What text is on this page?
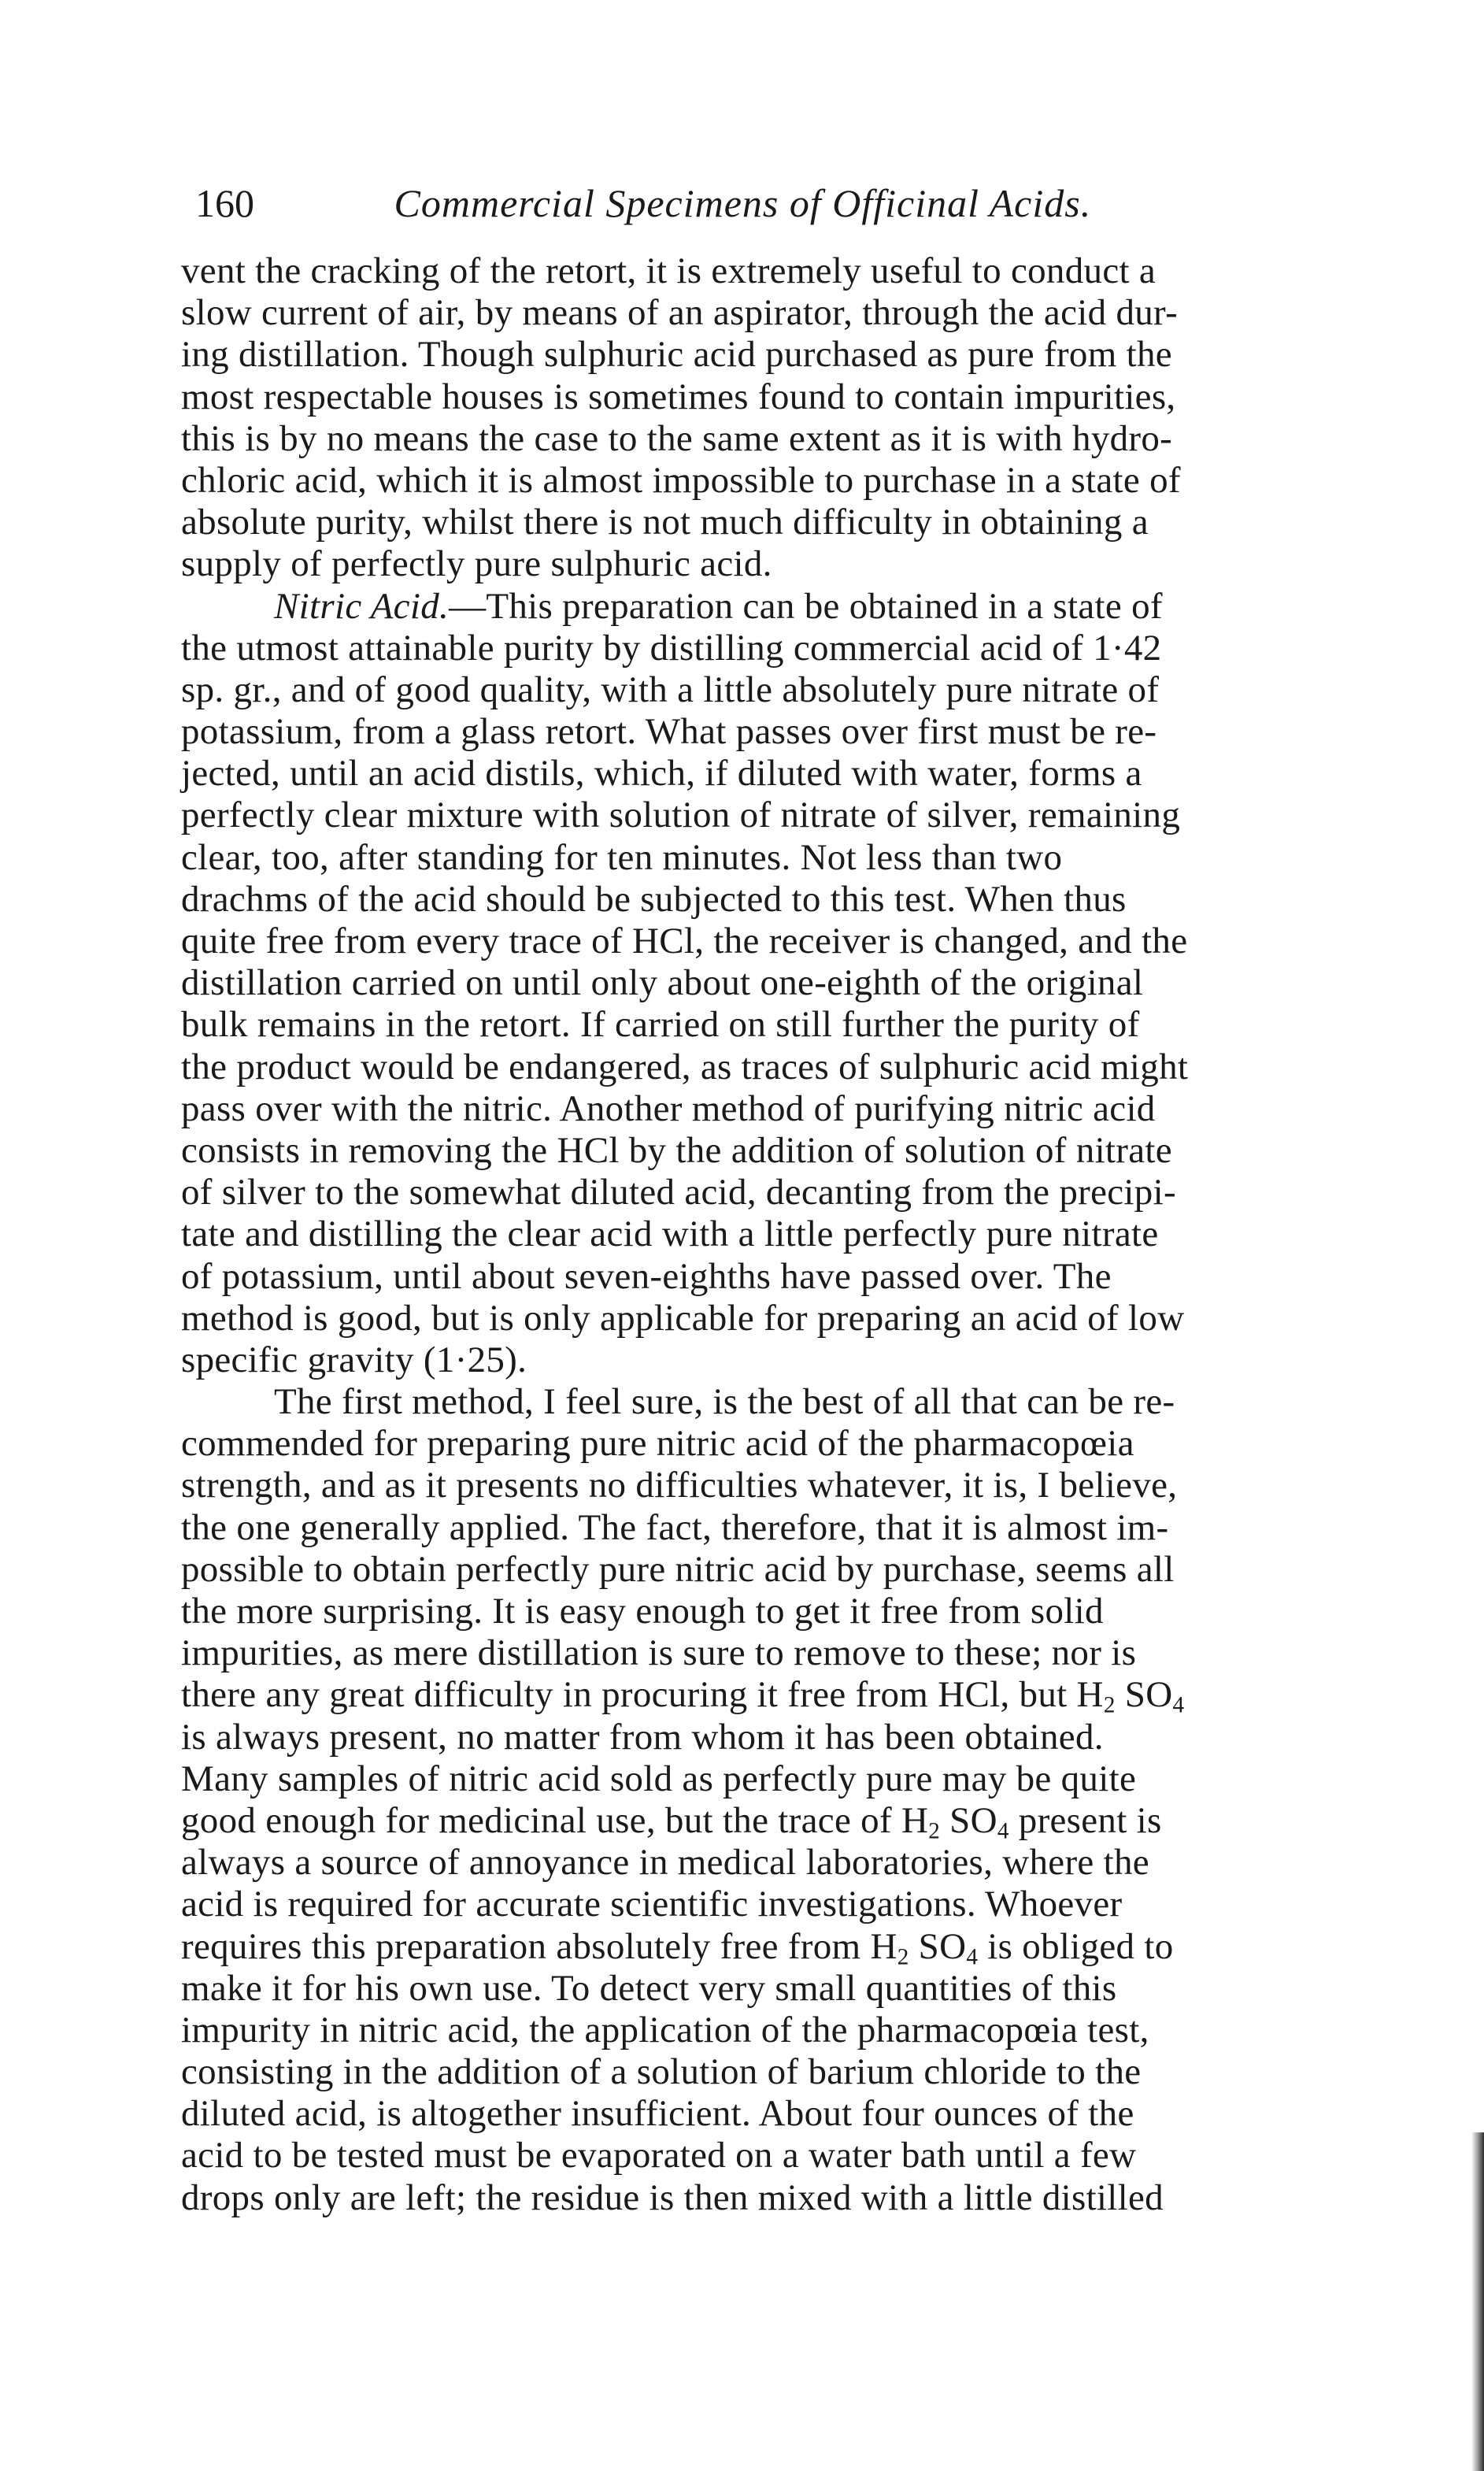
160	Commercial Specimens of Officinal Acids.
vent the cracking of the retort, it is extremely useful to conduct a
slow current of air, by means of an aspirator, through the acid dur-
ing distillation. Though sulphuric acid purchased as pure from the
most respectable houses is sometimes found to contain impurities,
this is by no means the case to the same extent as it is with hydro-
chloric acid, which it is almost impossible to purchase in a state of
absolute purity, whilst there is not much difficulty in obtaining a
supply of perfectly pure sulphuric acid.
Nitric Acid.—This preparation can be obtained in a state of
the utmost attainable purity by distilling commercial acid of 1·42
sp. gr., and of good quality, with a little absolutely pure nitrate of
potassium, from a glass retort. What passes over first must be re-
jected, until an acid distils, which, if diluted with water, forms a
perfectly clear mixture with solution of nitrate of silver, remaining
clear, too, after standing for ten minutes. Not less than two
drachms of the acid should be subjected to this test. When thus
quite free from every trace of HCl, the receiver is changed, and the
distillation carried on until only about one-eighth of the original
bulk remains in the retort. If carried on still further the purity of
the product would be endangered, as traces of sulphuric acid might
pass over with the nitric. Another method of purifying nitric acid
consists in removing the HCl by the addition of solution of nitrate
of silver to the somewhat diluted acid, decanting from the precipi-
tate and distilling the clear acid with a little perfectly pure nitrate
of potassium, until about seven-eighths have passed over. The
method is good, but is only applicable for preparing an acid of low
specific gravity (1·25).
The first method, I feel sure, is the best of all that can be re-
commended for preparing pure nitric acid of the pharmacopœia
strength, and as it presents no difficulties whatever, it is, I believe,
the one generally applied. The fact, therefore, that it is almost im-
possible to obtain perfectly pure nitric acid by purchase, seems all
the more surprising. It is easy enough to get it free from solid
impurities, as mere distillation is sure to remove to these; nor is
there any great difficulty in procuring it free from HCl, but $H_2$ $SO_4$
is always present, no matter from whom it has been obtained.
Many samples of nitric acid sold as perfectly pure may be quite
good enough for medicinal use, but the trace of $H_2$ $SO_4$ present is
always a source of annoyance in medical laboratories, where the
acid is required for accurate scientific investigations. Whoever
requires this preparation absolutely free from $H_2$ $SO_4$ is obliged to
make it for his own use. To detect very small quantities of this
impurity in nitric acid, the application of the pharmacopœia test,
consisting in the addition of a solution of barium chloride to the
diluted acid, is altogether insufficient. About four ounces of the
acid to be tested must be evaporated on a water bath until a few
drops only are left; the residue is then mixed with a little distilled
